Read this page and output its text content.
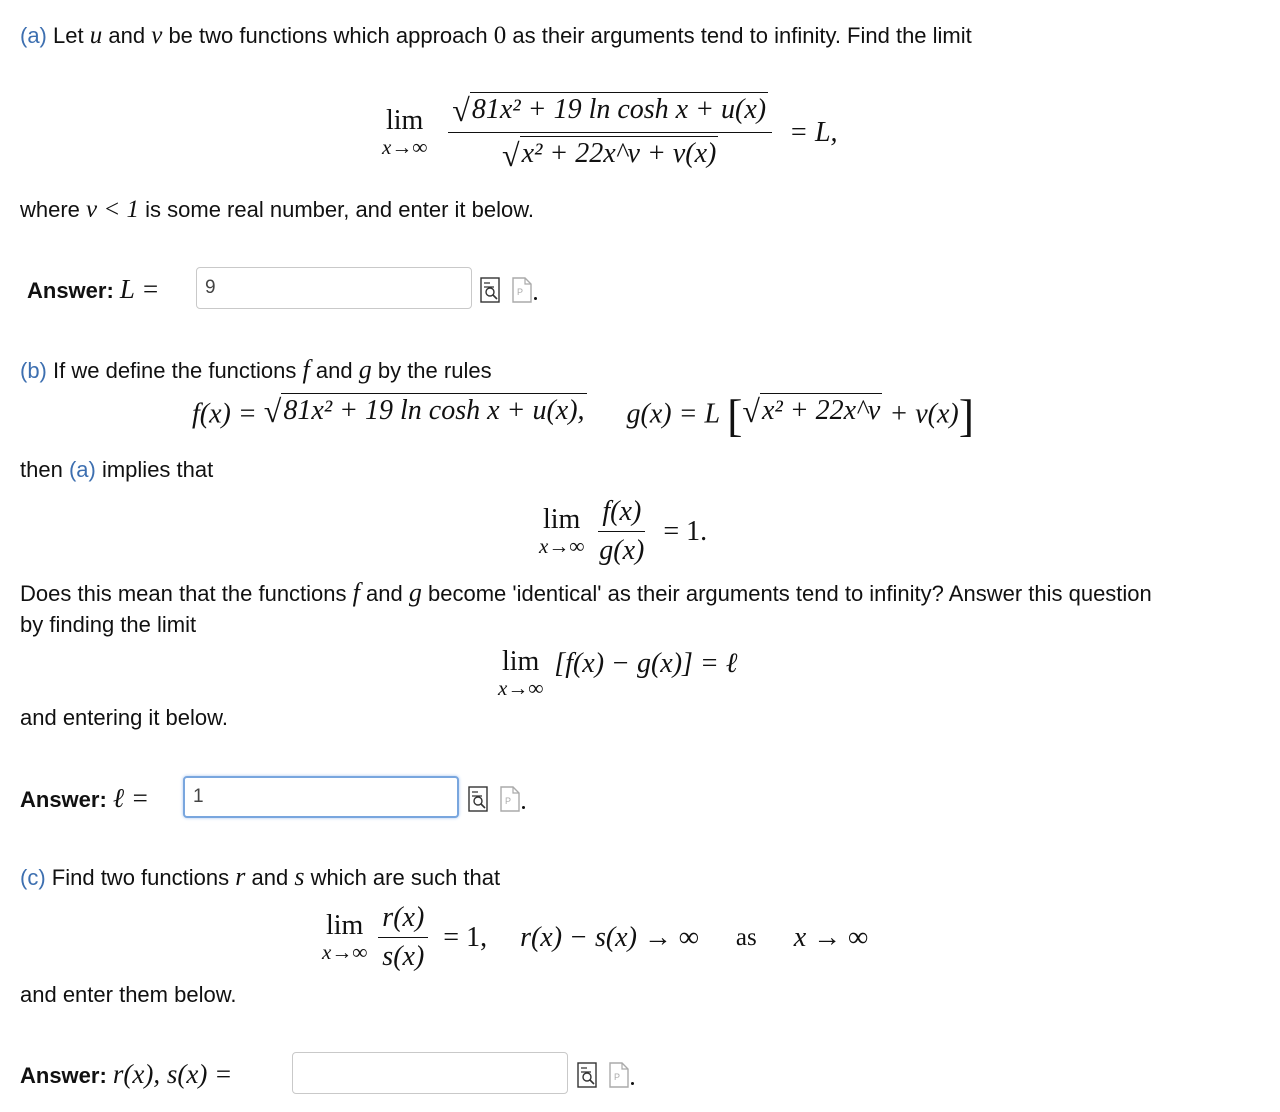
(a) Let u and v be two functions which approach 0 as their arguments tend to infinity. Find the limit
lim
x→∞
$\frac{\text{√ 81x² + 19 ln cosh x + u(x)}}{\text{√ x² + 22x\textasciicircum{}ν + v(x)}} = L$,
where ν < 1 is some real number, and enter it below.
Answer: L =
9	P
(b) If we define the functions f and g by the rules
f(x) = √ 81x² + 19 ln cosh x + u(x), g(x) = L [ √ x² + 22x^ν + v(x)]
then (a) implies that
lim
x→∞
$\frac{f(x)}{g(x)} = 1$.
Does this mean that the functions f and g become 'identical' as their arguments tend to infinity? Answer this question
by finding the limit
lim
x→∞
[f(x) − g(x)] = ℓ
and entering it below.
Answer: ℓ =
1	P
(c) Find two functions r and s which are such that
lim
x→∞
$\frac{r(x)}{s(x)} = 1$, r(x) − s(x) → ∞ as x → ∞
and enter them below.
Answer: r(x), s(x) =	P
